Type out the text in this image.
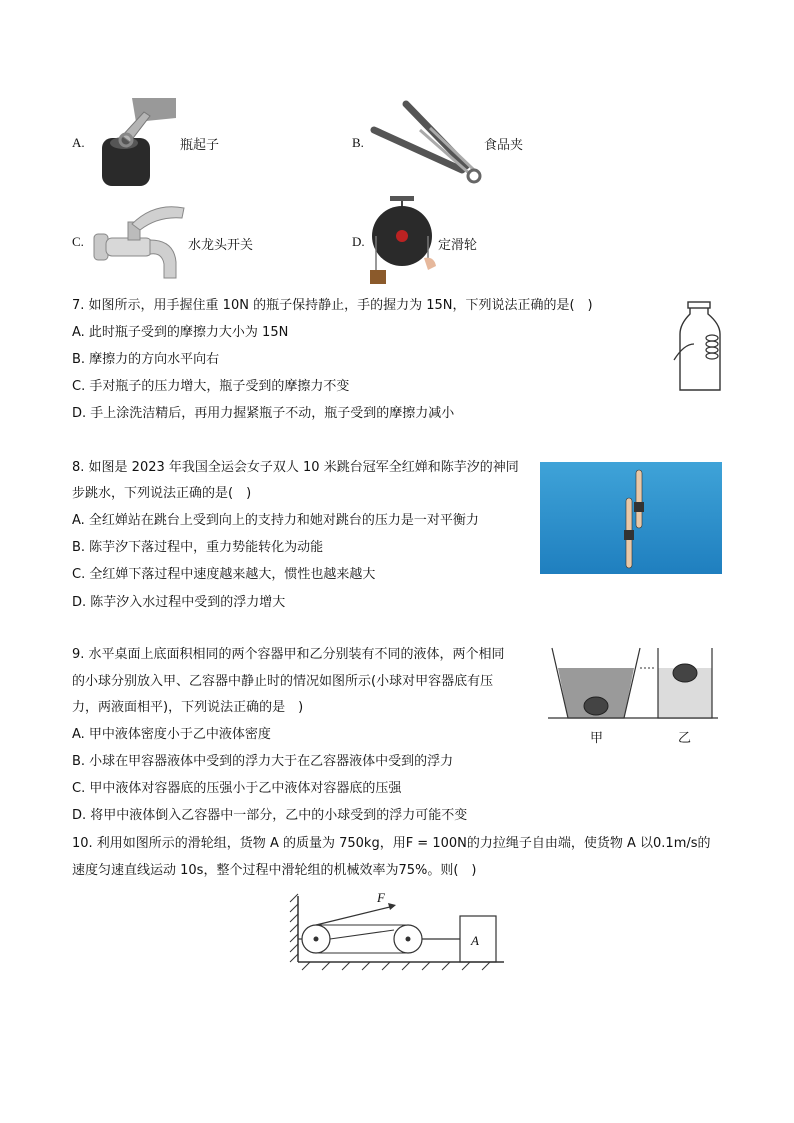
A.	瓶起子	B.	食品夹
C.	水龙头开关	D.	定滑轮
7. 如图所示，用手握住重 10N 的瓶子保持静止，手的握力为 15N，下列说法正确的是(　)
A. 此时瓶子受到的摩擦力大小为 15N
B. 摩擦力的方向水平向右
C. 手对瓶子的压力增大，瓶子受到的摩擦力不变
D. 手上涂洗洁精后，再用力握紧瓶子不动，瓶子受到的摩擦力减小
8. 如图是 2023 年我国全运会女子双人 10 米跳台冠军全红婵和陈芋汐的神同
步跳水，下列说法正确的是(　)
A. 全红婵站在跳台上受到向上的支持力和她对跳台的压力是一对平衡力
B. 陈芋汐下落过程中，重力势能转化为动能
C. 全红婵下落过程中速度越来越大，惯性也越来越大
D. 陈芋汐入水过程中受到的浮力增大
9. 水平桌面上底面积相同的两个容器甲和乙分别装有不同的液体，两个相同
的小球分别放入甲、乙容器中静止时的情况如图所示(小球对甲容器底有压
力，两液面相平)，下列说法正确的是　)
A. 甲中液体密度小于乙中液体密度
B. 小球在甲容器液体中受到的浮力大于在乙容器液体中受到的浮力
C. 甲中液体对容器底的压强小于乙中液体对容器底的压强
D. 将甲中液体倒入乙容器中一部分，乙中的小球受到的浮力可能不变
甲	乙
10. 利用如图所示的滑轮组，货物 A 的质量为 750kg，用F = 100N的力拉绳子自由端，使货物 A 以0.1m/s的
速度匀速直线运动 10s，整个过程中滑轮组的机械效率为75%。则(　)
F
A
